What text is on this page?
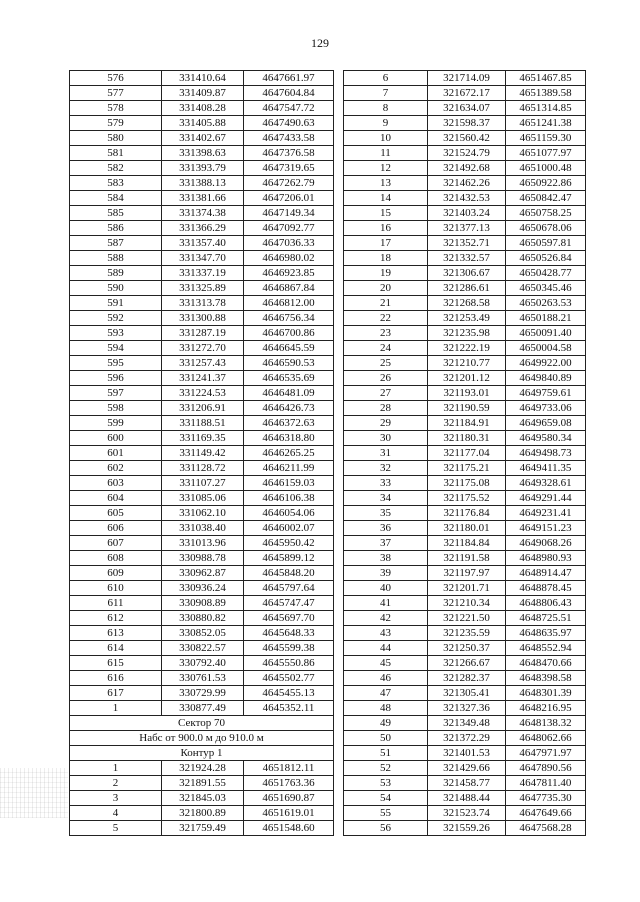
129
576	331410.64	4647661.97
577	331409.87	4647604.84
578	331408.28	4647547.72
579	331405.88	4647490.63
580	331402.67	4647433.58
581	331398.63	4647376.58
582	331393.79	4647319.65
583	331388.13	4647262.79
584	331381.66	4647206.01
585	331374.38	4647149.34
586	331366.29	4647092.77
587	331357.40	4647036.33
588	331347.70	4646980.02
589	331337.19	4646923.85
590	331325.89	4646867.84
591	331313.78	4646812.00
592	331300.88	4646756.34
593	331287.19	4646700.86
594	331272.70	4646645.59
595	331257.43	4646590.53
596	331241.37	4646535.69
597	331224.53	4646481.09
598	331206.91	4646426.73
599	331188.51	4646372.63
600	331169.35	4646318.80
601	331149.42	4646265.25
602	331128.72	4646211.99
603	331107.27	4646159.03
604	331085.06	4646106.38
605	331062.10	4646054.06
606	331038.40	4646002.07
607	331013.96	4645950.42
608	330988.78	4645899.12
609	330962.87	4645848.20
610	330936.24	4645797.64
611	330908.89	4645747.47
612	330880.82	4645697.70
613	330852.05	4645648.33
614	330822.57	4645599.38
615	330792.40	4645550.86
616	330761.53	4645502.77
617	330729.99	4645455.13
1	330877.49	4645352.11
Сектор 70		
Hабс от 900.0 м до 910.0 м		
Контур 1		
1	321924.28	4651812.11
2	321891.55	4651763.36
3	321845.03	4651690.87
4	321800.89	4651619.01
5	321759.49	4651548.60
6	321714.09	4651467.85
7	321672.17	4651389.58
8	321634.07	4651314.85
9	321598.37	4651241.38
10	321560.42	4651159.30
11	321524.79	4651077.97
12	321492.68	4651000.48
13	321462.26	4650922.86
14	321432.53	4650842.47
15	321403.24	4650758.25
16	321377.13	4650678.06
17	321352.71	4650597.81
18	321332.57	4650526.84
19	321306.67	4650428.77
20	321286.61	4650345.46
21	321268.58	4650263.53
22	321253.49	4650188.21
23	321235.98	4650091.40
24	321222.19	4650004.58
25	321210.77	4649922.00
26	321201.12	4649840.89
27	321193.01	4649759.61
28	321190.59	4649733.06
29	321184.91	4649659.08
30	321180.31	4649580.34
31	321177.04	4649498.73
32	321175.21	4649411.35
33	321175.08	4649328.61
34	321175.52	4649291.44
35	321176.84	4649231.41
36	321180.01	4649151.23
37	321184.84	4649068.26
38	321191.58	4648980.93
39	321197.97	4648914.47
40	321201.71	4648878.45
41	321210.34	4648806.43
42	321221.50	4648725.51
43	321235.59	4648635.97
44	321250.37	4648552.94
45	321266.67	4648470.66
46	321282.37	4648398.58
47	321305.41	4648301.39
48	321327.36	4648216.95
49	321349.48	4648138.32
50	321372.29	4648062.66
51	321401.53	4647971.97
52	321429.66	4647890.56
53	321458.77	4647811.40
54	321488.44	4647735.30
55	321523.74	4647649.66
56	321559.26	4647568.28
